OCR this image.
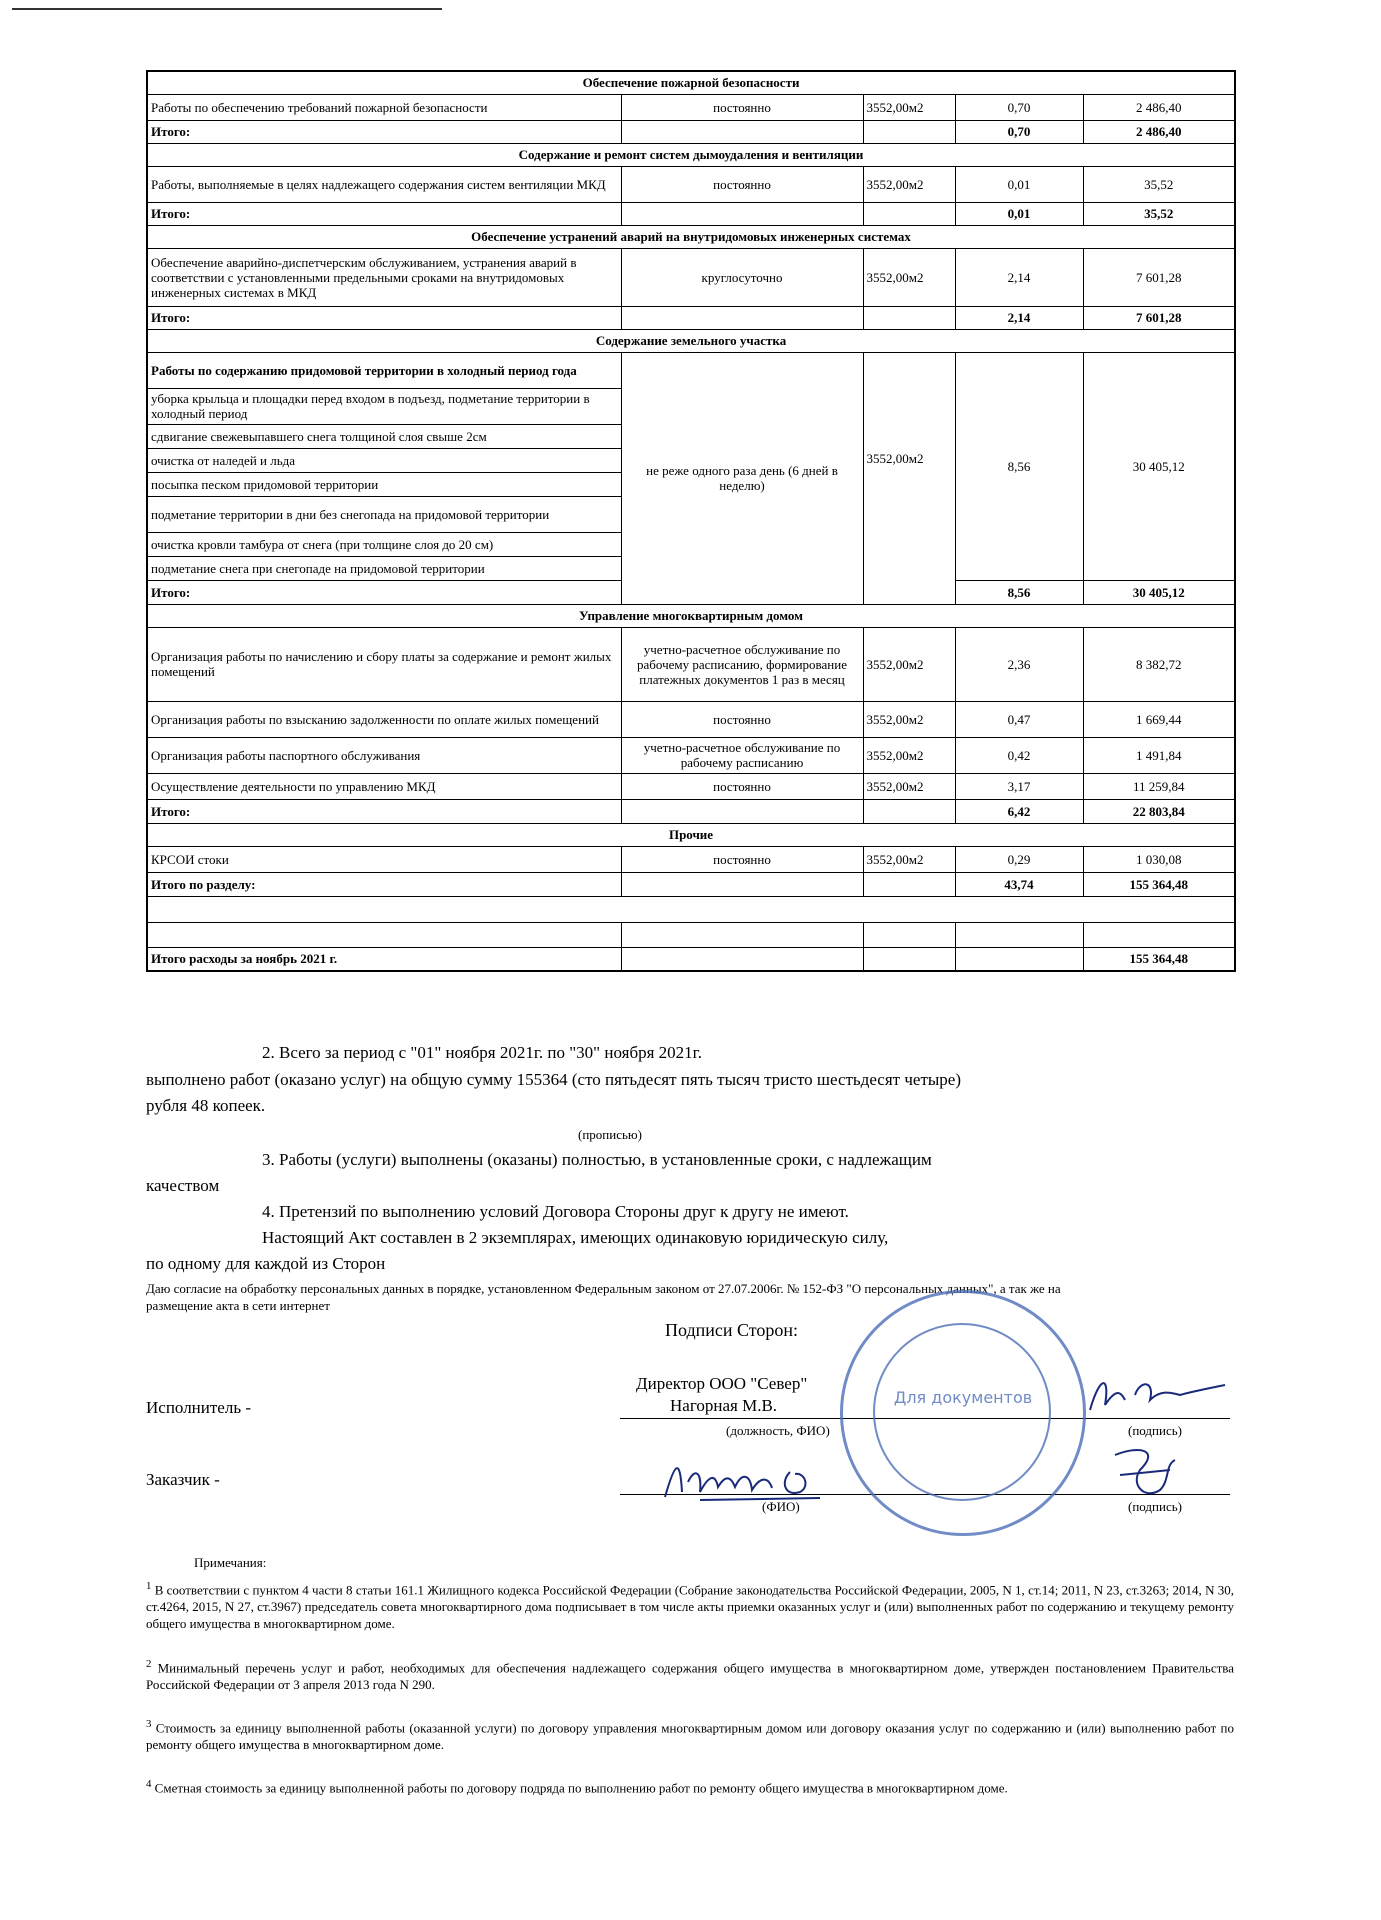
Обеспечение пожарной безопасности				
Работы по обеспечению требований пожарной безопасности	постоянно	3552,00м2	0,70	2 486,40
Итого:			0,70	2 486,40
Содержание и ремонт систем дымоудаления и вентиляции				
Работы, выполняемые в целях надлежащего содержания систем вентиляции МКД	постоянно	3552,00м2	0,01	35,52
Итого:			0,01	35,52
Обеспечение устранений аварий на внутридомовых инженерных системах				
Обеспечение аварийно-диспетчерским обслуживанием, устранения аварий в соответствии с установленными предельными сроками на внутридомовых инженерных системах в МКД	круглосуточно	3552,00м2	2,14	7 601,28
Итого:			2,14	7 601,28
Содержание земельного участка				
Работы по содержанию придомовой территории в холодный период года	не реже одного раза день (6 дней в неделю)	3552,00м2	8,56	30 405,12
уборка крыльца и площадки перед входом в подъезд, подметание территории в холодный период				
сдвигание свежевыпавшего снега толщиной слоя свыше 2см				
очистка от наледей и льда				
посыпка песком придомовой территории				
подметание территории в дни без снегопада на придомовой территории				
очистка кровли тамбура от снега (при толщине слоя до 20 см)				
подметание снега при снегопаде на придомовой территории				
Итого:			8,56	30 405,12
Управление многоквартирным домом				
Организация работы по начислению и сбору платы за содержание и ремонт жилых помещений	учетно-расчетное обслуживание по рабочему расписанию, формирование платежных документов 1 раз в месяц	3552,00м2	2,36	8 382,72
Организация работы по взысканию задолженности по оплате жилых помещений	постоянно	3552,00м2	0,47	1 669,44
Организация работы паспортного обслуживания	учетно-расчетное обслуживание по рабочему расписанию	3552,00м2	0,42	1 491,84
Осуществление деятельности по управлению МКД	постоянно	3552,00м2	3,17	11 259,84
Итого:			6,42	22 803,84
Прочие				
КРСОИ стоки	постоянно	3552,00м2	0,29	1 030,08
Итого по разделу:			43,74	155 364,48

Итого расходы за ноябрь 2021 г.				155 364,48
2. Всего за период с "01" ноября 2021г. по "30" ноября 2021г.
выполнено работ (оказано услуг) на общую сумму 155364 (сто пятьдесят пять тысяч тристо шестьдесят четыре)
рубля 48 копеек.
(прописью)
3. Работы (услуги) выполнены (оказаны) полностью, в установленные сроки, с надлежащим
качеством
4. Претензий по выполнению условий Договора Стороны друг к другу не имеют.
Настоящий Акт составлен в 2 экземплярах, имеющих одинаковую юридическую силу,
по одному для каждой из Сторон
Даю согласие на обработку персональных данных в порядке, установленном Федеральным законом от 27.07.2006г. № 152-ФЗ "О персональных данных", а так же на
размещение акта в сети интернет
Подписи Сторон:
Исполнитель -
Директор ООО "Север"
Нагорная М.В.
(должность, ФИО)	(подпись)
Заказчик -
(ФИО)	(подпись)
Для документов
Примечания:
$^1$ В соответствии с пунктом 4 части 8 статьи 161.1 Жилищного кодекса Российской Федерации (Собрание законодательства Российской Федерации, 2005, N 1, ст.14; 2011, N 23, ст.3263; 2014, N 30, ст.4264, 2015, N 27, ст.3967) председатель совета многоквартирного дома подписывает в том числе акты приемки оказанных услуг и (или) выполненных работ по содержанию и текущему ремонту общего имущества в многоквартирном доме.
$^2$ Минимальный перечень услуг и работ, необходимых для обеспечения надлежащего содержания общего имущества в многоквартирном доме, утвержден постановлением Правительства Российской Федерации от 3 апреля 2013 года N 290.
$^3$ Стоимость за единицу выполненной работы (оказанной услуги) по договору управления многоквартирным домом или договору оказания услуг по содержанию и (или) выполнению работ по ремонту общего имущества в многоквартирном доме.
$^4$ Сметная стоимость за единицу выполненной работы по договору подряда по выполнению работ по ремонту общего имущества в многоквартирном доме.
